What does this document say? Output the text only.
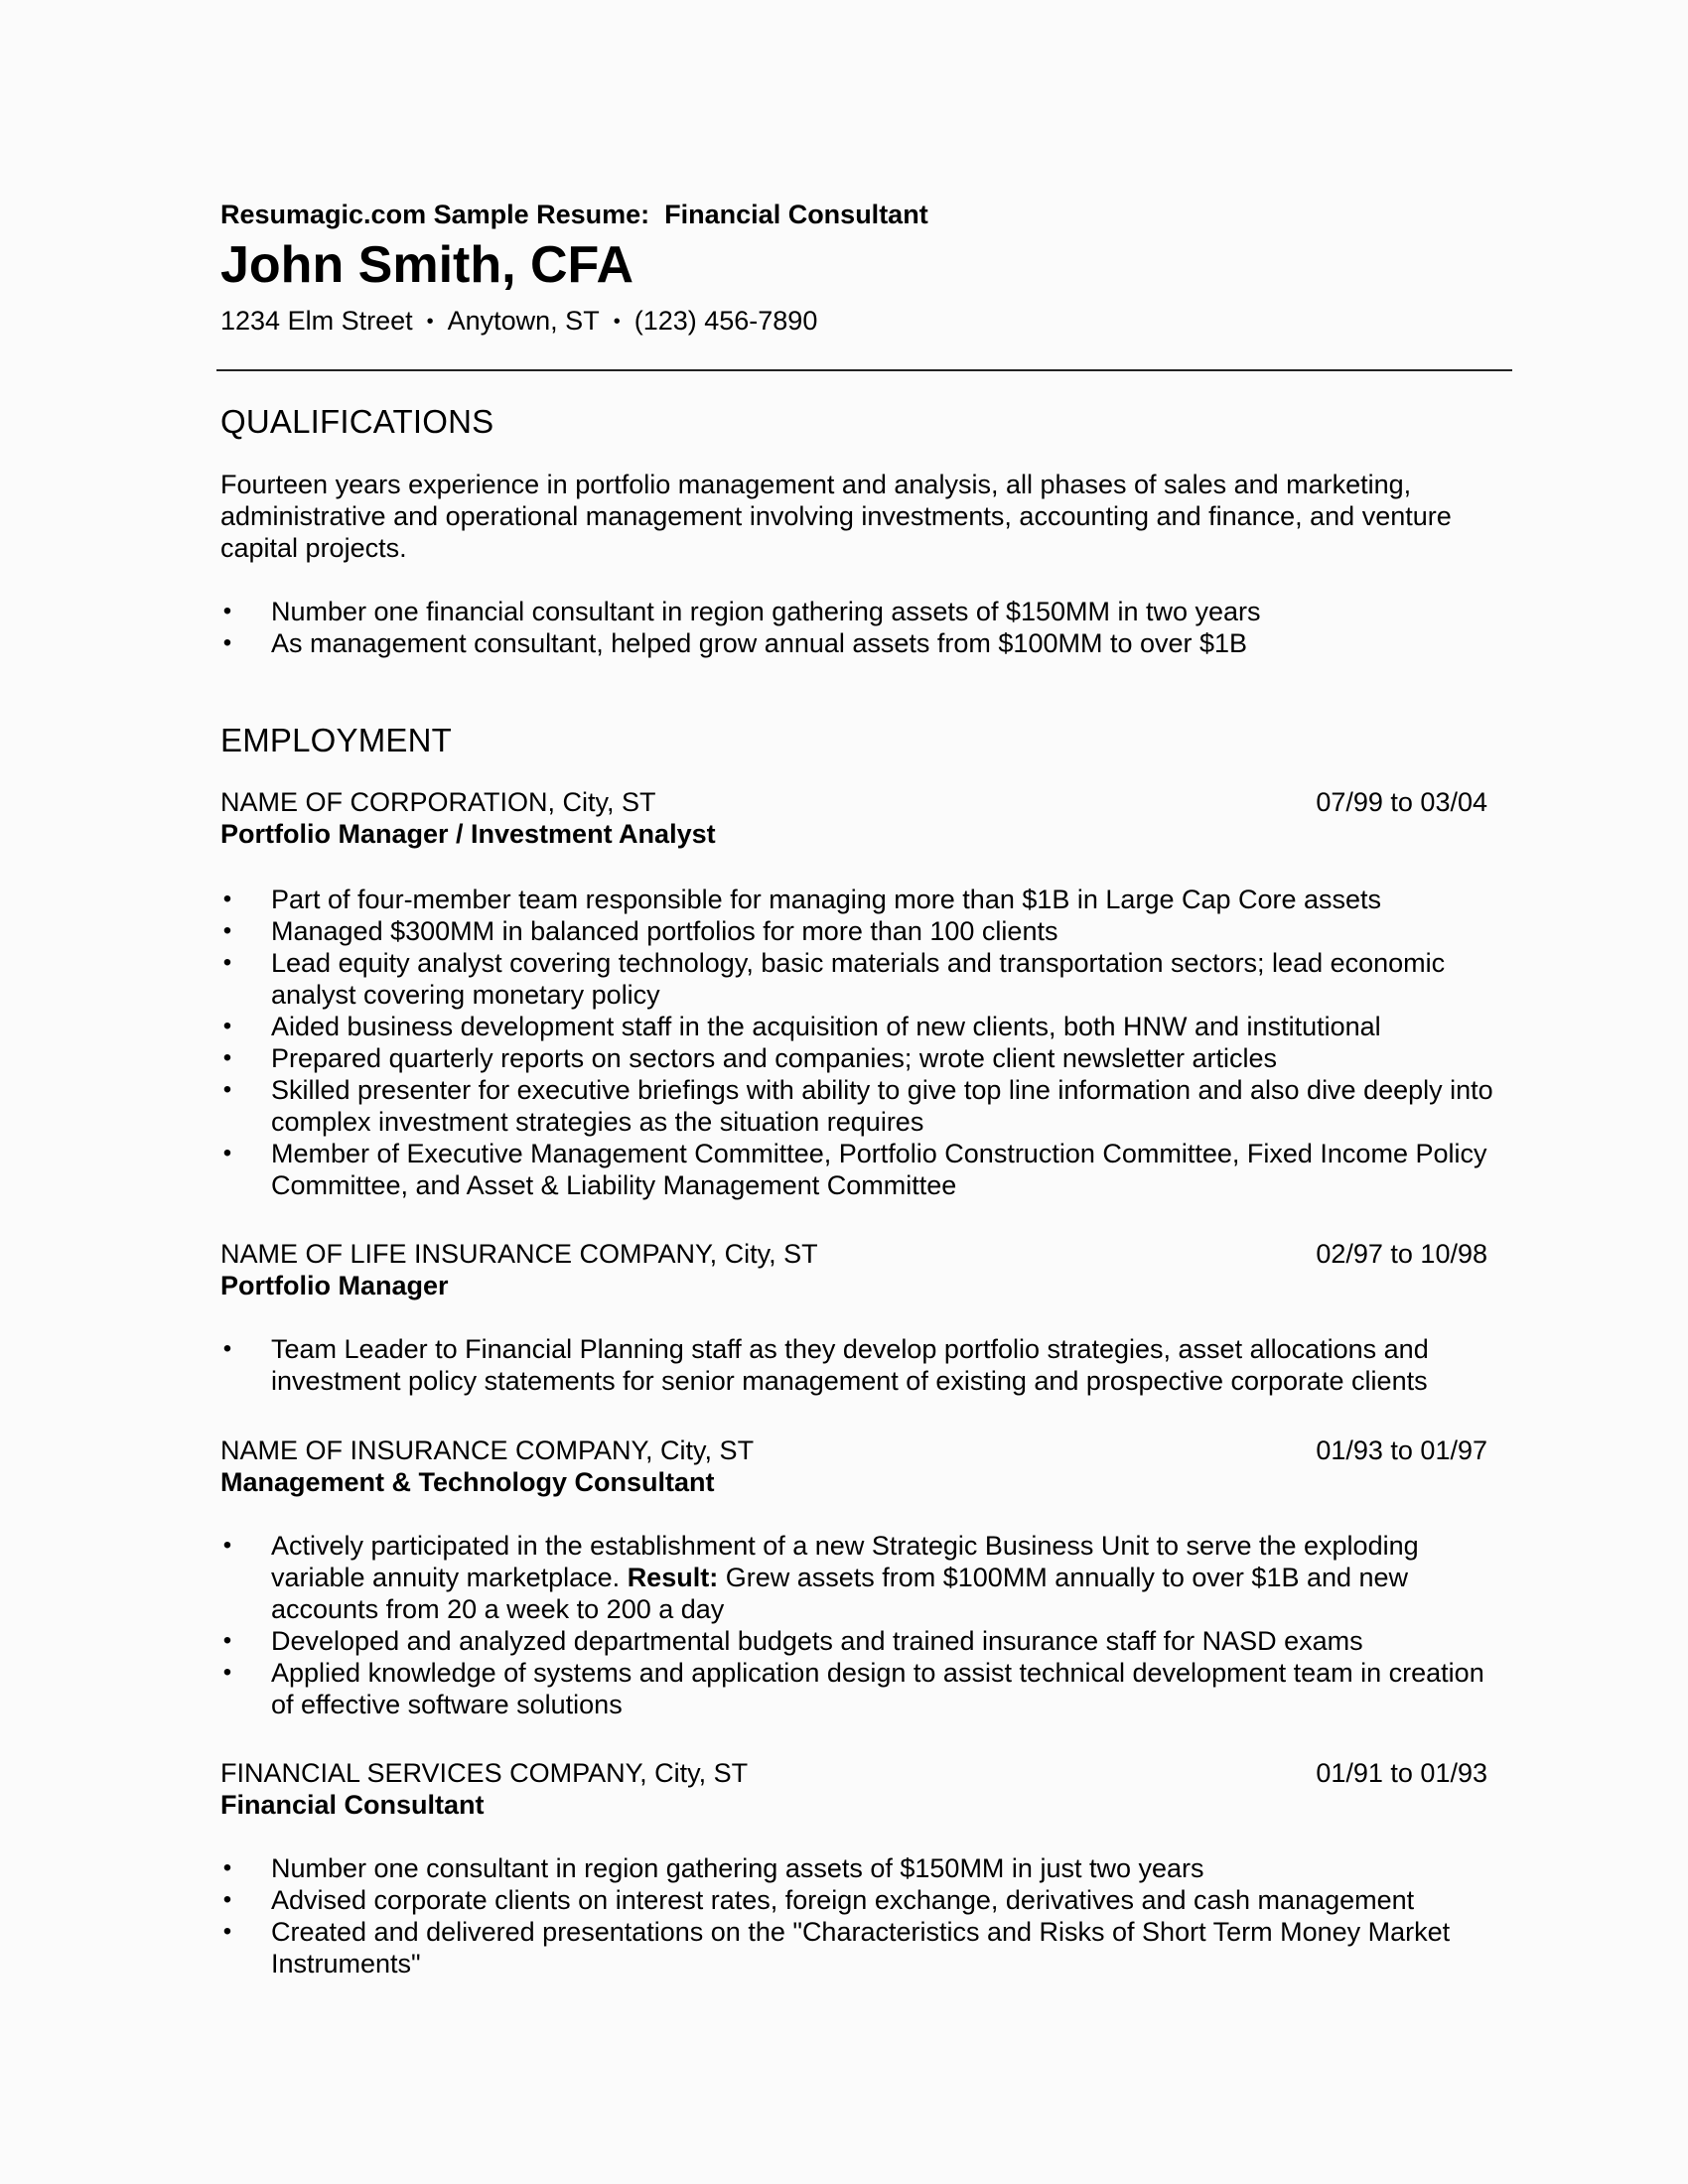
Resumagic.com Sample Resume:  Financial Consultant
John Smith, CFA
1234 Elm Street • Anytown, ST • (123) 456-7890
QUALIFICATIONS
Fourteen years experience in portfolio management and analysis, all phases of sales and marketing, administrative and operational management involving investments, accounting and finance, and venture capital projects.
• Number one financial consultant in region gathering assets of $150MM in two years
• As management consultant, helped grow annual assets from $100MM to over $1B
EMPLOYMENT
NAME OF CORPORATION, City, ST	07/99 to 03/04
Portfolio Manager / Investment Analyst
• Part of four-member team responsible for managing more than $1B in Large Cap Core assets
• Managed $300MM in balanced portfolios for more than 100 clients
• Lead equity analyst covering technology, basic materials and transportation sectors; lead economic analyst covering monetary policy
• Aided business development staff in the acquisition of new clients, both HNW and institutional
• Prepared quarterly reports on sectors and companies; wrote client newsletter articles
• Skilled presenter for executive briefings with ability to give top line information and also dive deeply into complex investment strategies as the situation requires
• Member of Executive Management Committee, Portfolio Construction Committee, Fixed Income Policy Committee, and Asset & Liability Management Committee
NAME OF LIFE INSURANCE COMPANY, City, ST	02/97 to 10/98
Portfolio Manager
• Team Leader to Financial Planning staff as they develop portfolio strategies, asset allocations and investment policy statements for senior management of existing and prospective corporate clients
NAME OF INSURANCE COMPANY, City, ST	01/93 to 01/97
Management & Technology Consultant
• Actively participated in the establishment of a new Strategic Business Unit to serve the exploding variable annuity marketplace. Result: Grew assets from $100MM annually to over $1B and new accounts from 20 a week to 200 a day
• Developed and analyzed departmental budgets and trained insurance staff for NASD exams
• Applied knowledge of systems and application design to assist technical development team in creation of effective software solutions
FINANCIAL SERVICES COMPANY, City, ST	01/91 to 01/93
Financial Consultant
• Number one consultant in region gathering assets of $150MM in just two years
• Advised corporate clients on interest rates, foreign exchange, derivatives and cash management
• Created and delivered presentations on the "Characteristics and Risks of Short Term Money Market Instruments"
